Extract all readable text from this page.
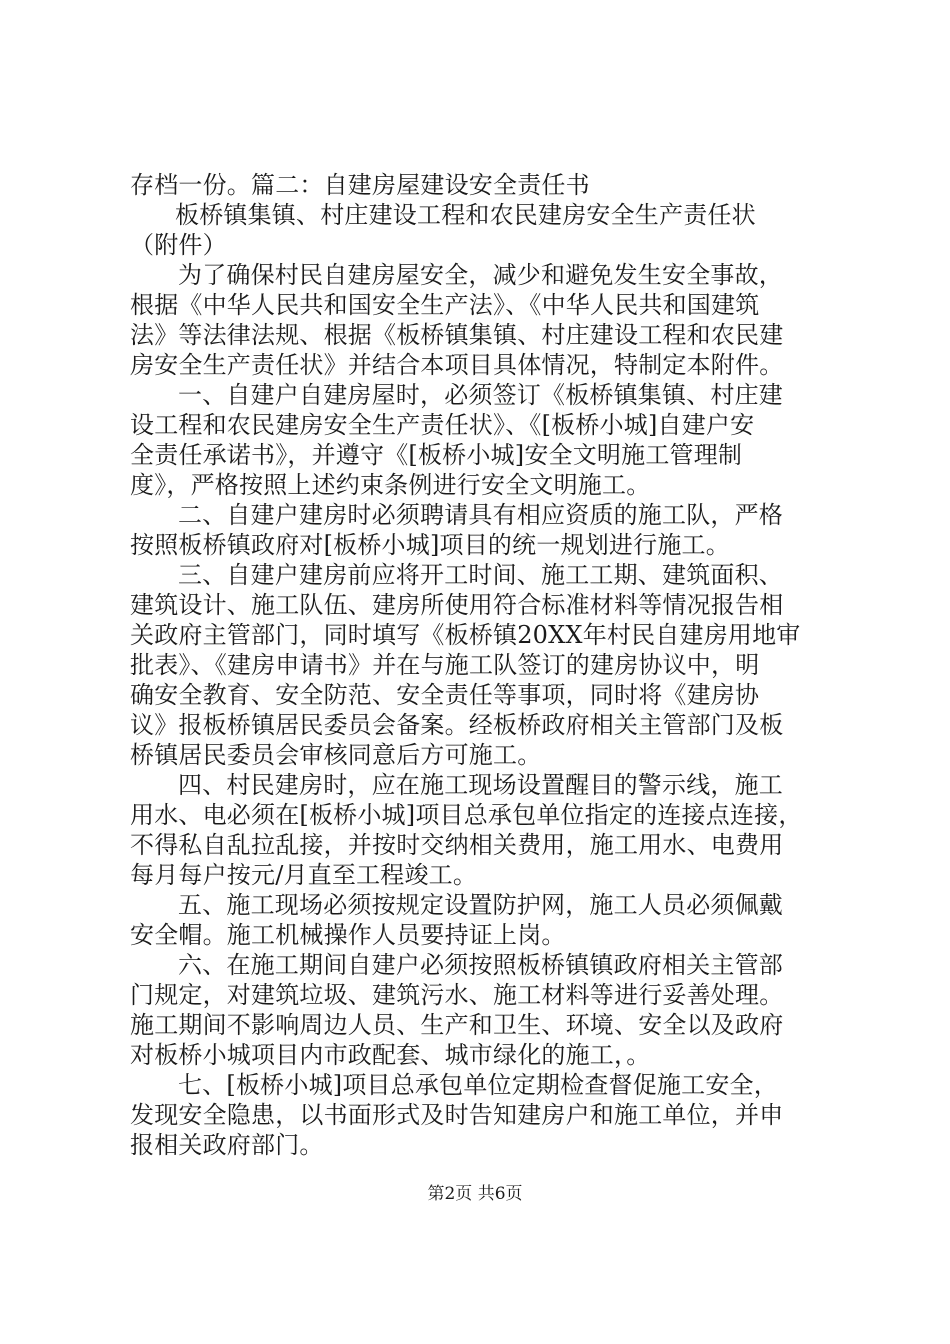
存档一份。篇二：自建房屋建设安全责任书
板桥镇集镇、村庄建设工程和农民建房安全生产责任状
（附件）
为了确保村民自建房屋安全，减少和避免发生安全事故，
根据《中华人民共和国安全生产法》、《中华人民共和国建筑
法》等法律法规、根据《板桥镇集镇、村庄建设工程和农民建
房安全生产责任状》并结合本项目具体情况，特制定本附件。
一、自建户自建房屋时，必须签订《板桥镇集镇、村庄建
设工程和农民建房安全生产责任状》、《[板桥小城]自建户安
全责任承诺书》，并遵守《[板桥小城]安全文明施工管理制
度》，严格按照上述约束条例进行安全文明施工。
二、自建户建房时必须聘请具有相应资质的施工队，严格
按照板桥镇政府对[板桥小城]项目的统一规划进行施工。
三、自建户建房前应将开工时间、施工工期、建筑面积、
建筑设计、施工队伍、建房所使用符合标准材料等情况报告相
关政府主管部门，同时填写《板桥镇20XX年村民自建房用地审
批表》、《建房申请书》并在与施工队签订的建房协议中，明
确安全教育、安全防范、安全责任等事项，同时将《建房协
议》报板桥镇居民委员会备案。经板桥政府相关主管部门及板
桥镇居民委员会审核同意后方可施工。
四、村民建房时，应在施工现场设置醒目的警示线，施工
用水、电必须在[板桥小城]项目总承包单位指定的连接点连接，
不得私自乱拉乱接，并按时交纳相关费用，施工用水、电费用
每月每户按元/月直至工程竣工。
五、施工现场必须按规定设置防护网，施工人员必须佩戴
安全帽。施工机械操作人员要持证上岗。
六、在施工期间自建户必须按照板桥镇镇政府相关主管部
门规定，对建筑垃圾、建筑污水、施工材料等进行妥善处理。
施工期间不影响周边人员、生产和卫生、环境、安全以及政府
对板桥小城项目内市政配套、城市绿化的施工，。
七、[板桥小城]项目总承包单位定期检查督促施工安全，
发现安全隐患，以书面形式及时告知建房户和施工单位，并申
报相关政府部门。
第2页 共6页
